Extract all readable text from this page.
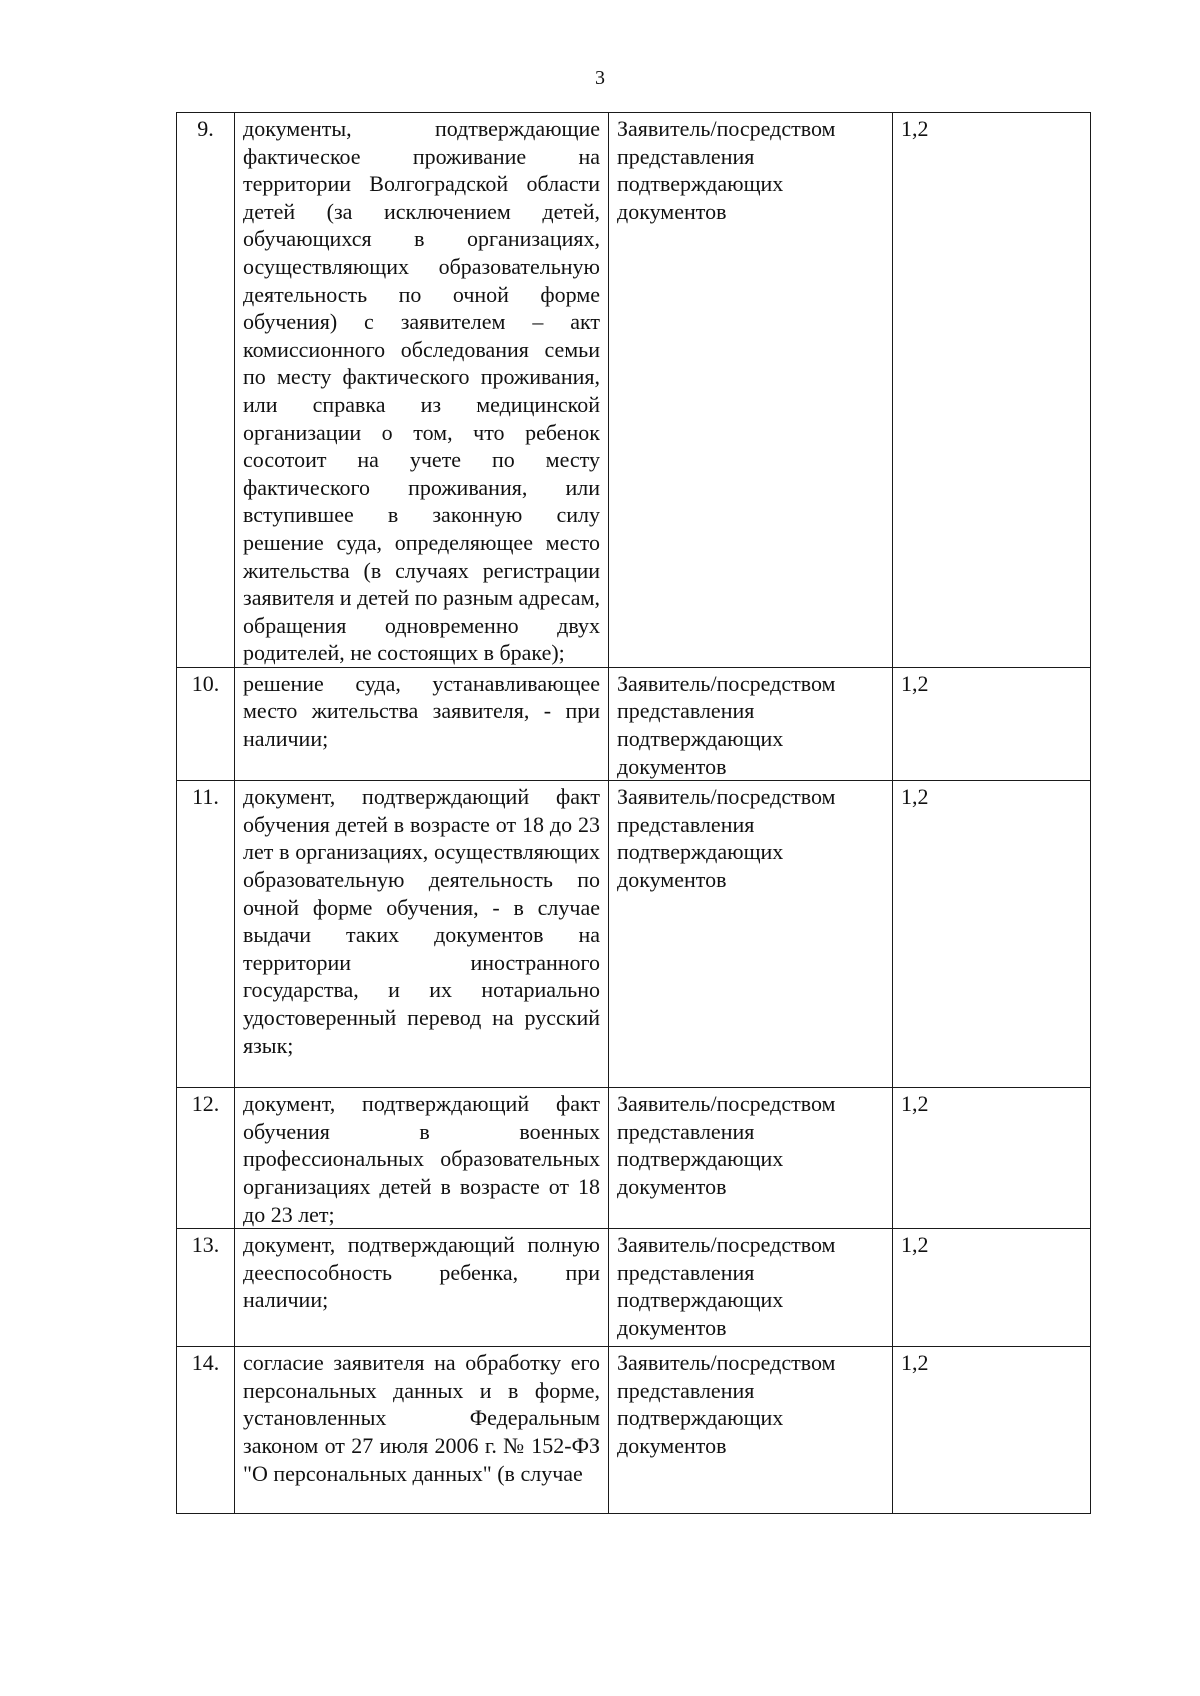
3
9.	документы, подтверждающие фактическое проживание на территории Волгоградской области детей (за исключением детей, обучающихся в организациях, осуществляющих образовательную деятельность по очной форме обучения) с заявителем – акт комиссионного обследования семьи по месту фактического проживания, или справка из медицинской организации о том, что ребенок сосотоит на учете по месту фактического проживания, или вступившее в законную силу решение суда, определяющее место жительства (в случаях регистрации заявителя и детей по разным адресам, обращения одновременно двух родителей, не состоящих в браке);	Заявитель/посредством представления подтверждающих документов	1,2
10.	решение суда, устанавливающее место жительства заявителя, - при наличии;	Заявитель/посредством представления подтверждающих документов	1,2
11.	документ, подтверждающий факт обучения детей в возрасте от 18 до 23 лет в организациях, осуществляющих образовательную деятельность по очной форме обучения, - в случае выдачи таких документов на территории иностранного государства, и их нотариально удостоверенный перевод на русский язык;	Заявитель/посредством представления подтверждающих документов	1,2
12.	документ, подтверждающий факт обучения в военных профессиональных образовательных организациях детей в возрасте от 18 до 23 лет;	Заявитель/посредством представления подтверждающих документов	1,2
13.	документ, подтверждающий полную дееспособность ребенка, при наличии;	Заявитель/посредством представления подтверждающих документов	1,2
14.	согласие заявителя на обработку его персональных данных и в форме, установленных Федеральным законом от 27 июля 2006 г. № 152-ФЗ "О персональных данных" (в случае	Заявитель/посредством представления подтверждающих документов	1,2
